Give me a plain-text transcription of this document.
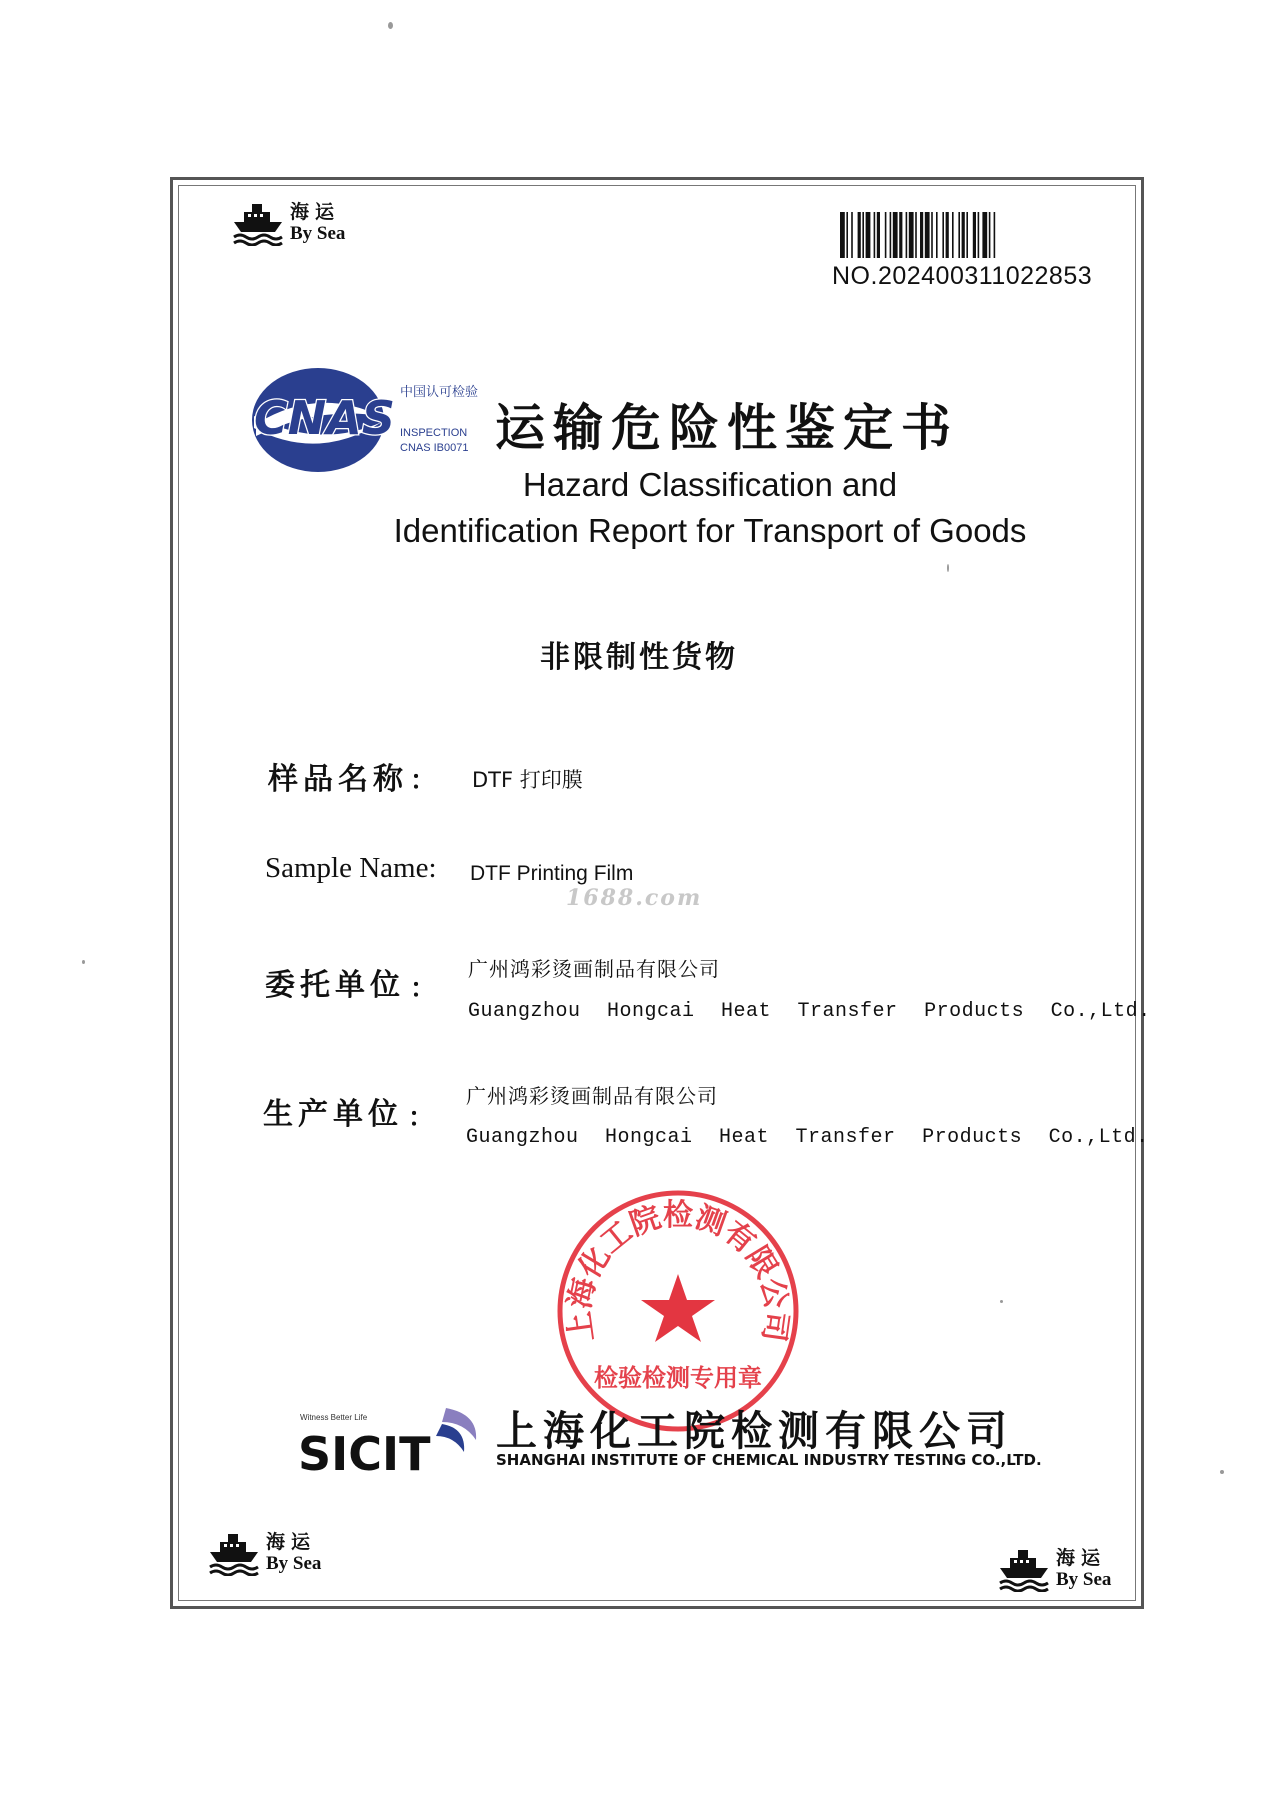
海运
By Sea
NO.202400311022853
CNAS 中国认可检验
INSPECTION
CNAS IB0071 运输危险性鉴定书
Hazard Classification and
Identification Report for Transport of Goods
非限制性货物
样品名称 ： DTF 打印膜
Sample Name: DTF Printing Film
1688.com
委托单位 ：
广州鸿彩烫画制品有限公司
Guangzhou Hongcai Heat Transfer Products Co.,Ltd.
生产单位 ：
广州鸿彩烫画制品有限公司
Guangzhou Hongcai Heat Transfer Products Co.,Ltd.
上海化工院检测有限公司
检验检测专用章
Witness Better Life
SICIT 上海化工院检测有限公司
SHANGHAI INSTITUTE OF CHEMICAL INDUSTRY TESTING CO.,LTD.
海运
By Sea	海运
By Sea
